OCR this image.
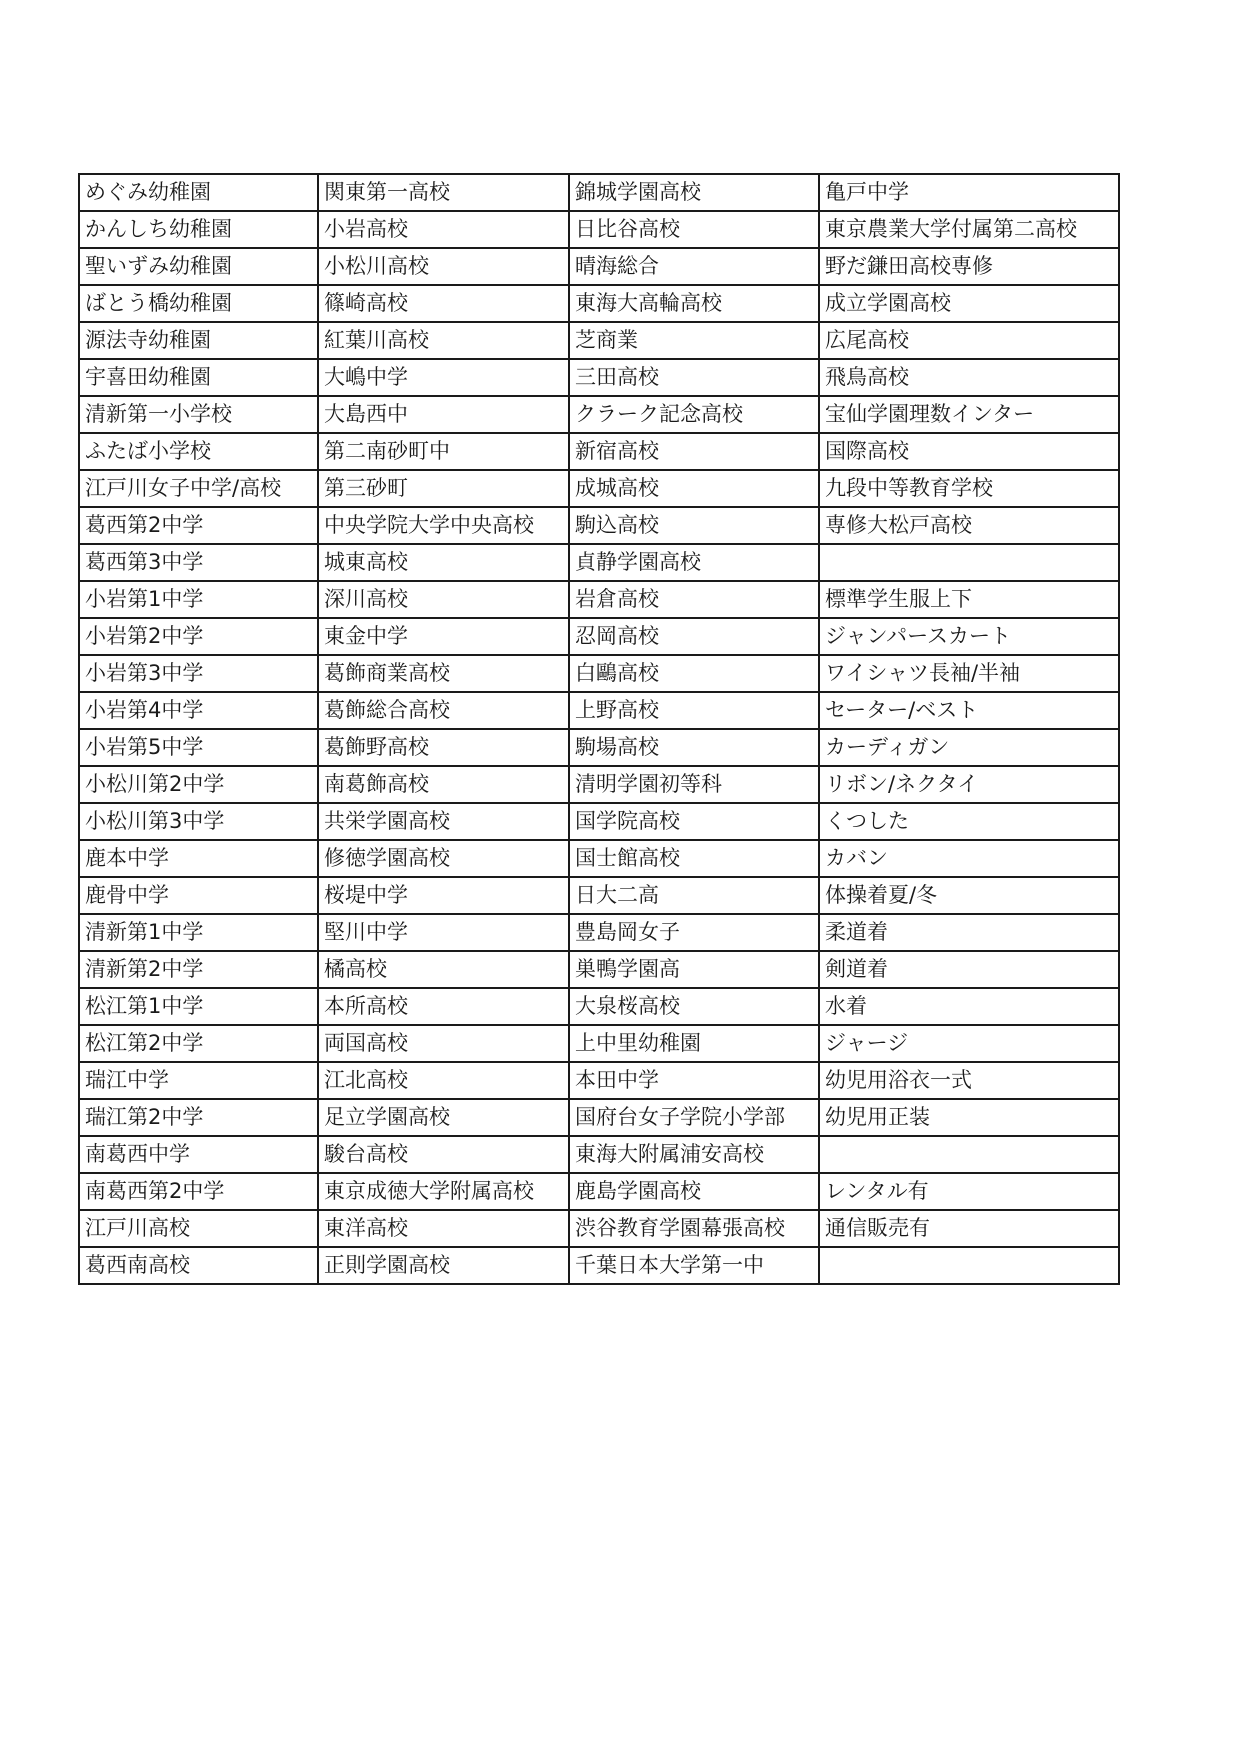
めぐみ幼稚園	関東第一高校	錦城学園高校	亀戸中学
かんしち幼稚園	小岩高校	日比谷高校	東京農業大学付属第二高校
聖いずみ幼稚園	小松川高校	晴海総合	野だ鎌田高校専修
ばとう橋幼稚園	篠崎高校	東海大高輪高校	成立学園高校
源法寺幼稚園	紅葉川高校	芝商業	広尾高校
宇喜田幼稚園	大嶋中学	三田高校	飛鳥高校
清新第一小学校	大島西中	クラーク記念高校	宝仙学園理数インター
ふたば小学校	第二南砂町中	新宿高校	国際高校
江戸川女子中学/高校	第三砂町	成城高校	九段中等教育学校
葛西第2中学	中央学院大学中央高校	駒込高校	専修大松戸高校
葛西第3中学	城東高校	貞静学園高校	
小岩第1中学	深川高校	岩倉高校	標準学生服上下
小岩第2中学	東金中学	忍岡高校	ジャンパースカート
小岩第3中学	葛飾商業高校	白鷗高校	ワイシャツ長袖/半袖
小岩第4中学	葛飾総合高校	上野高校	セーター/ベスト
小岩第5中学	葛飾野高校	駒場高校	カーディガン
小松川第2中学	南葛飾高校	清明学園初等科	リボン/ネクタイ
小松川第3中学	共栄学園高校	国学院高校	くつした
鹿本中学	修徳学園高校	国士館高校	カバン
鹿骨中学	桜堤中学	日大二高	体操着夏/冬
清新第1中学	堅川中学	豊島岡女子	柔道着
清新第2中学	橘高校	巣鴨学園高	剣道着
松江第1中学	本所高校	大泉桜高校	水着
松江第2中学	両国高校	上中里幼稚園	ジャージ
瑞江中学	江北高校	本田中学	幼児用浴衣一式
瑞江第2中学	足立学園高校	国府台女子学院小学部	幼児用正装
南葛西中学	駿台高校	東海大附属浦安高校	
南葛西第2中学	東京成徳大学附属高校	鹿島学園高校	レンタル有
江戸川高校	東洋高校	渋谷教育学園幕張高校	通信販売有
葛西南高校	正則学園高校	千葉日本大学第一中	
